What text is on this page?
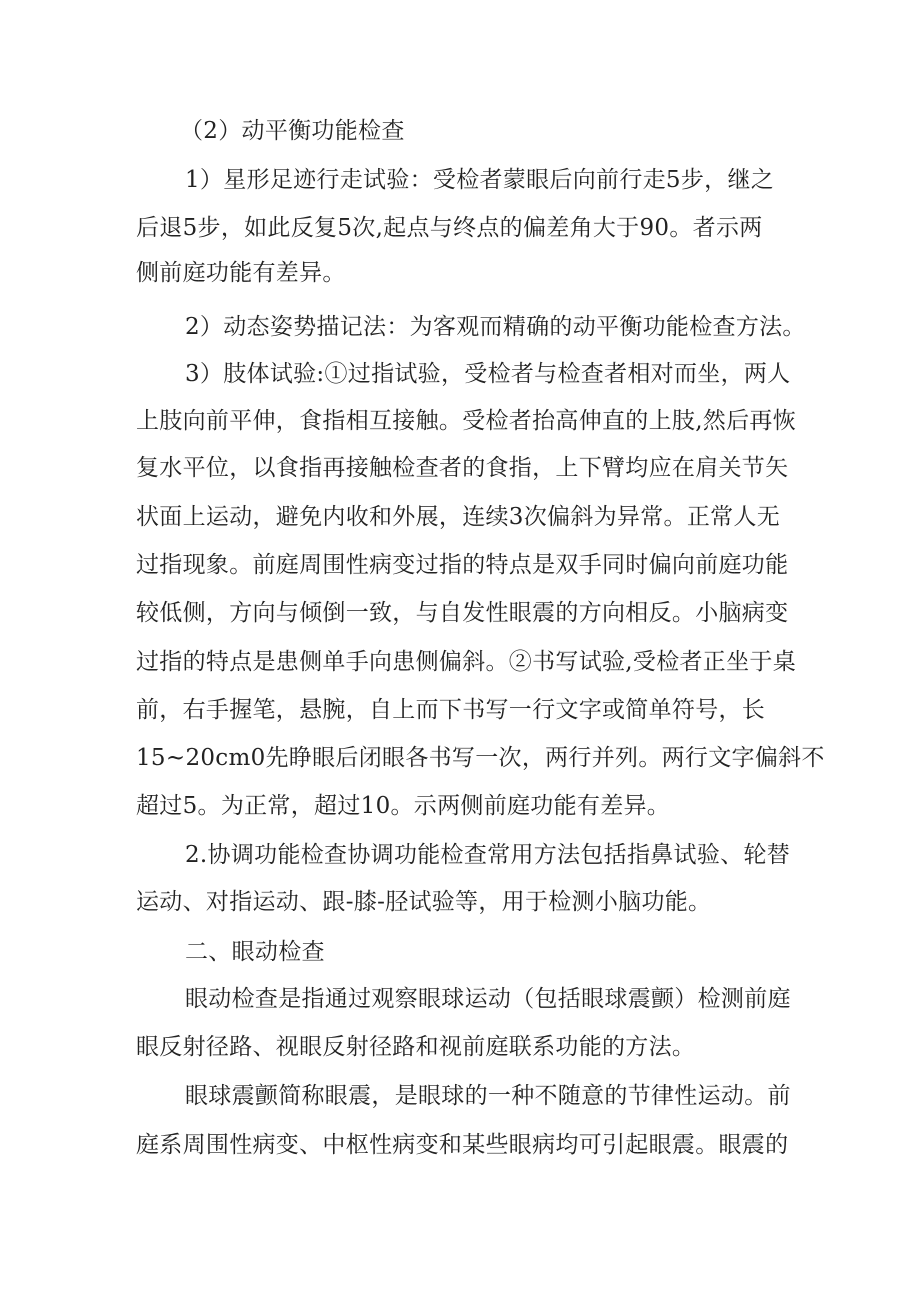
（2）动平衡功能检查
1）星形足迹行走试验：受检者蒙眼后向前行走5步，继之
后退5步，如此反复5次,起点与终点的偏差角大于90。者示两
侧前庭功能有差异。
2）动态姿势描记法：为客观而精确的动平衡功能检查方法。
3）肢体试验:①过指试验，受检者与检查者相对而坐，两人
上肢向前平伸，食指相互接触。受检者抬高伸直的上肢,然后再恢
复水平位，以食指再接触检查者的食指，上下臂均应在肩关节矢
状面上运动，避免内收和外展，连续3次偏斜为异常。正常人无
过指现象。前庭周围性病变过指的特点是双手同时偏向前庭功能
较低侧，方向与倾倒一致，与自发性眼震的方向相反。小脑病变
过指的特点是患侧单手向患侧偏斜。②书写试验,受检者正坐于桌
前，右手握笔，悬腕，自上而下书写一行文字或简单符号，长
15~20cm0先睁眼后闭眼各书写一次，两行并列。两行文字偏斜不
超过5。为正常，超过10。示两侧前庭功能有差异。
2.协调功能检查协调功能检查常用方法包括指鼻试验、轮替
运动、对指运动、跟-膝-胫试验等，用于检测小脑功能。
二、眼动检查
眼动检查是指通过观察眼球运动（包括眼球震颤）检测前庭
眼反射径路、视眼反射径路和视前庭联系功能的方法。
眼球震颤简称眼震，是眼球的一种不随意的节律性运动。前
庭系周围性病变、中枢性病变和某些眼病均可引起眼震。眼震的
